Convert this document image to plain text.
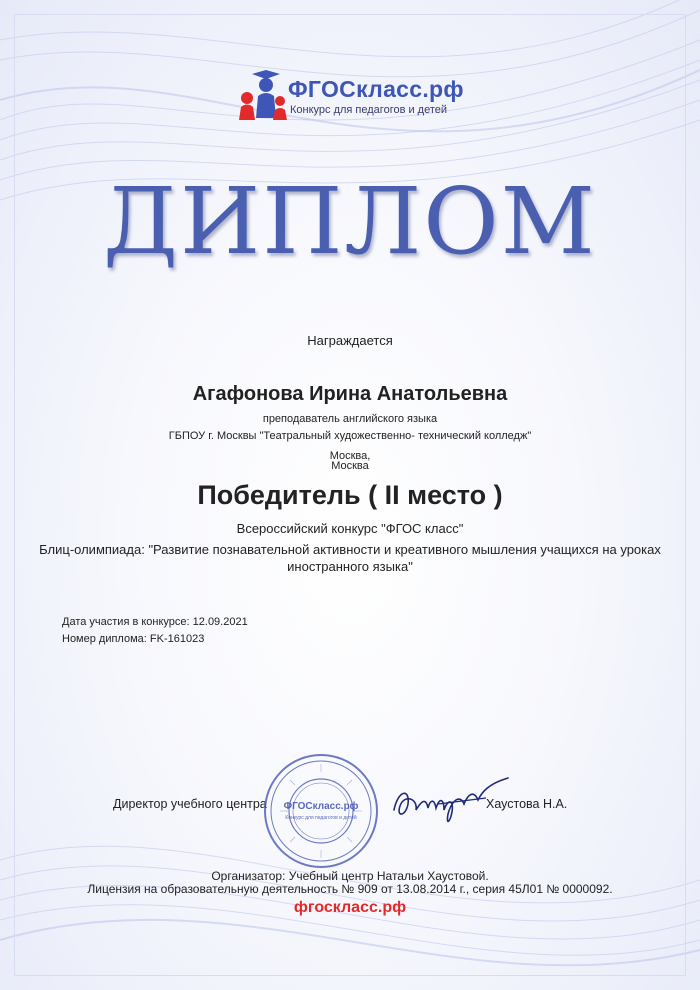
ФГОСкласс.рф
Конкурс для педагогов и детей
ДИПЛОМ
Награждается
Агафонова Ирина Анатольевна
преподаватель английского языка
ГБПОУ г. Москвы "Театральный художественно- технический колледж"
Москва,
Москва
Победитель ( II место )
Всероссийский конкурс "ФГОС класс"
Блиц-олимпиада: "Развитие познавательной активности и креативного мышления учащихся на уроках иностранного языка"
Дата участия в конкурсе: 12.09.2021
Номер диплома: FK-161023
Директор учебного центра	Хаустова Н.А.
ФГОСкласс.рф
Конкурс для педагогов и детей
Организатор: Учебный центр Натальи Хаустовой.
Лицензия на образовательную деятельность № 909 от 13.08.2014 г., серия 45Л01 № 0000092.
фгоскласс.рф
